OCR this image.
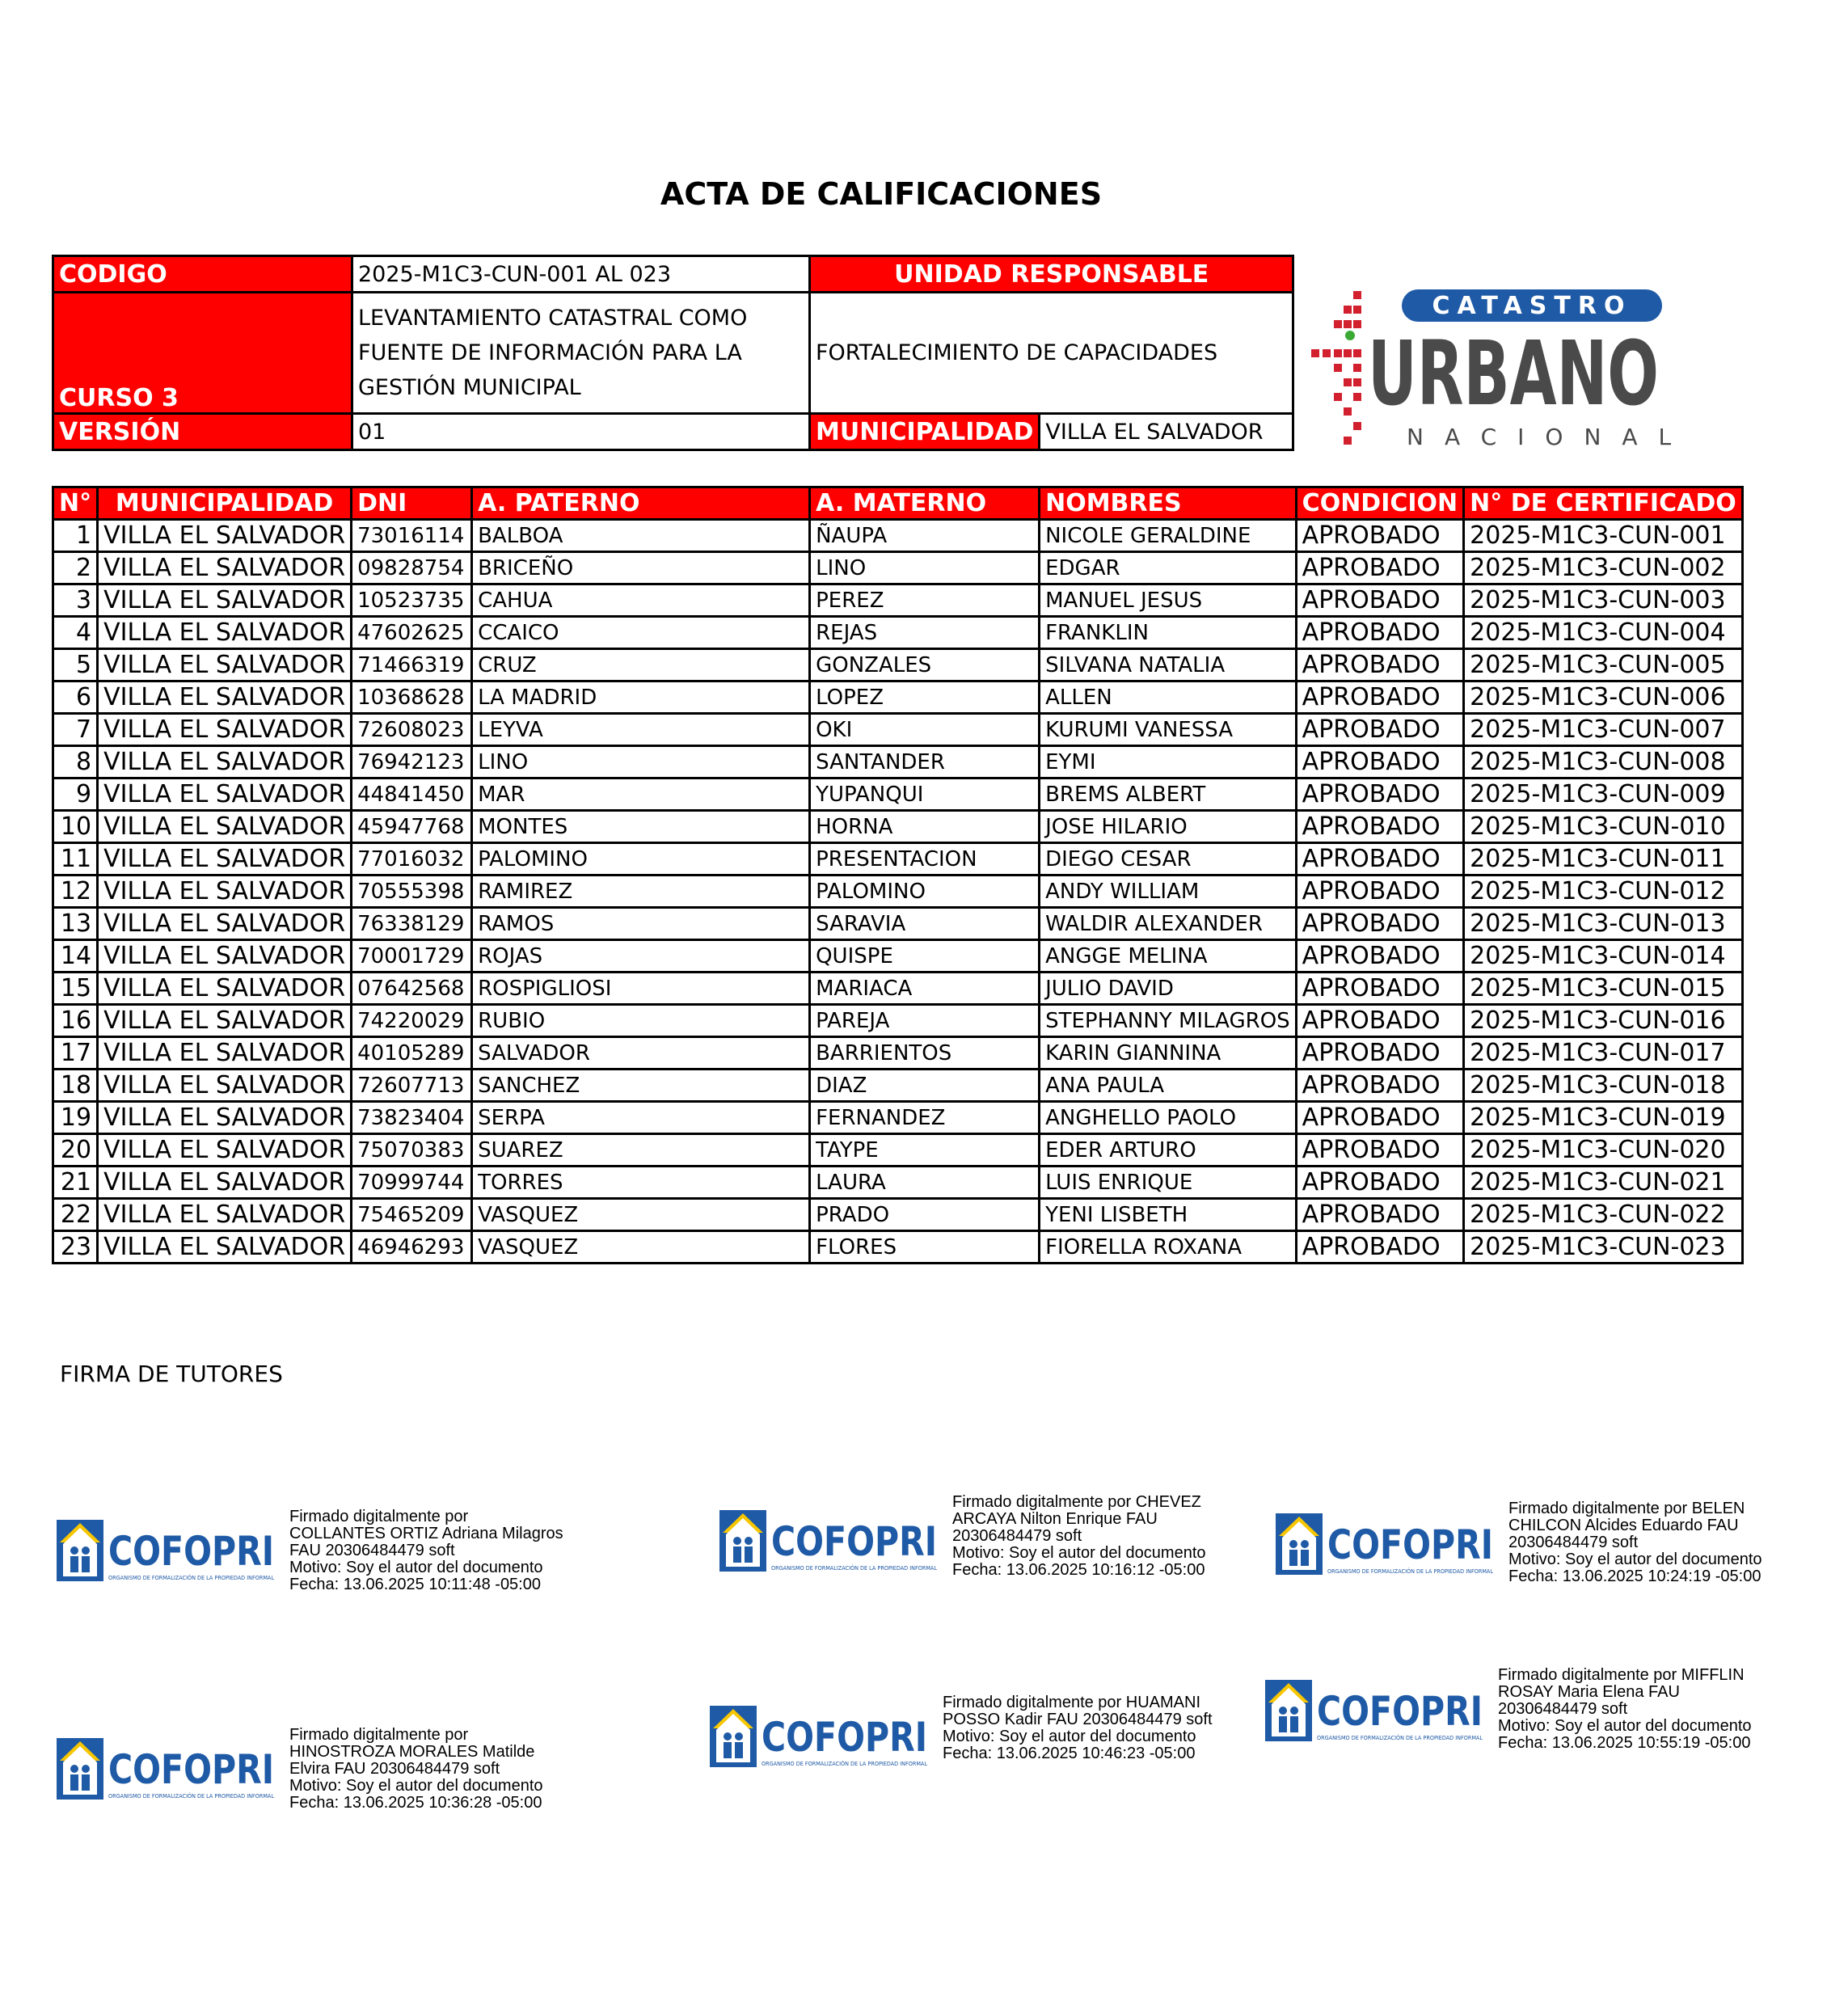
ACTA DE CALIFICACIONES
CODIGO	2025-M1C3-CUN-001 AL 023	UNIDAD RESPONSABLE	
CURSO 3	LEVANTAMIENTO CATASTRAL COMO FUENTE DE INFORMACIÓN PARA LA GESTIÓN MUNICIPAL	FORTALECIMIENTO DE CAPACIDADES	
VERSIÓN	01	MUNICIPALIDAD	VILLA EL SALVADOR
CATASTRO
URBANO
NACIONAL
N°	MUNICIPALIDAD	DNI	A. PATERNO	A. MATERNO	NOMBRES	CONDICION	N° DE CERTIFICADO
1	VILLA EL SALVADOR	73016114	BALBOA	ÑAUPA	NICOLE GERALDINE	APROBADO	2025-M1C3-CUN-001
2	VILLA EL SALVADOR	09828754	BRICEÑO	LINO	EDGAR	APROBADO	2025-M1C3-CUN-002
3	VILLA EL SALVADOR	10523735	CAHUA	PEREZ	MANUEL JESUS	APROBADO	2025-M1C3-CUN-003
4	VILLA EL SALVADOR	47602625	CCAICO	REJAS	FRANKLIN	APROBADO	2025-M1C3-CUN-004
5	VILLA EL SALVADOR	71466319	CRUZ	GONZALES	SILVANA NATALIA	APROBADO	2025-M1C3-CUN-005
6	VILLA EL SALVADOR	10368628	LA MADRID	LOPEZ	ALLEN	APROBADO	2025-M1C3-CUN-006
7	VILLA EL SALVADOR	72608023	LEYVA	OKI	KURUMI VANESSA	APROBADO	2025-M1C3-CUN-007
8	VILLA EL SALVADOR	76942123	LINO	SANTANDER	EYMI	APROBADO	2025-M1C3-CUN-008
9	VILLA EL SALVADOR	44841450	MAR	YUPANQUI	BREMS ALBERT	APROBADO	2025-M1C3-CUN-009
10	VILLA EL SALVADOR	45947768	MONTES	HORNA	JOSE HILARIO	APROBADO	2025-M1C3-CUN-010
11	VILLA EL SALVADOR	77016032	PALOMINO	PRESENTACION	DIEGO CESAR	APROBADO	2025-M1C3-CUN-011
12	VILLA EL SALVADOR	70555398	RAMIREZ	PALOMINO	ANDY WILLIAM	APROBADO	2025-M1C3-CUN-012
13	VILLA EL SALVADOR	76338129	RAMOS	SARAVIA	WALDIR ALEXANDER	APROBADO	2025-M1C3-CUN-013
14	VILLA EL SALVADOR	70001729	ROJAS	QUISPE	ANGGE MELINA	APROBADO	2025-M1C3-CUN-014
15	VILLA EL SALVADOR	07642568	ROSPIGLIOSI	MARIACA	JULIO DAVID	APROBADO	2025-M1C3-CUN-015
16	VILLA EL SALVADOR	74220029	RUBIO	PAREJA	STEPHANNY MILAGROS	APROBADO	2025-M1C3-CUN-016
17	VILLA EL SALVADOR	40105289	SALVADOR	BARRIENTOS	KARIN GIANNINA	APROBADO	2025-M1C3-CUN-017
18	VILLA EL SALVADOR	72607713	SANCHEZ	DIAZ	ANA PAULA	APROBADO	2025-M1C3-CUN-018
19	VILLA EL SALVADOR	73823404	SERPA	FERNANDEZ	ANGHELLO PAOLO	APROBADO	2025-M1C3-CUN-019
20	VILLA EL SALVADOR	75070383	SUAREZ	TAYPE	EDER ARTURO	APROBADO	2025-M1C3-CUN-020
21	VILLA EL SALVADOR	70999744	TORRES	LAURA	LUIS ENRIQUE	APROBADO	2025-M1C3-CUN-021
22	VILLA EL SALVADOR	75465209	VASQUEZ	PRADO	YENI LISBETH	APROBADO	2025-M1C3-CUN-022
23	VILLA EL SALVADOR	46946293	VASQUEZ	FLORES	FIORELLA ROXANA	APROBADO	2025-M1C3-CUN-023
FIRMA DE TUTORES
COFOPRI
ORGANISMO DE FORMALIZACIÓN DE LA PROPIEDAD INFORMAL
Firmado digitalmente por
COLLANTES ORTIZ Adriana Milagros
FAU 20306484479 soft
Motivo: Soy el autor del documento
Fecha: 13.06.2025 10:11:48 -05:00
COFOPRI
ORGANISMO DE FORMALIZACIÓN DE LA PROPIEDAD INFORMAL
Firmado digitalmente por CHEVEZ
ARCAYA Nilton Enrique FAU
20306484479 soft
Motivo: Soy el autor del documento
Fecha: 13.06.2025 10:16:12 -05:00
COFOPRI
ORGANISMO DE FORMALIZACIÓN DE LA PROPIEDAD INFORMAL
Firmado digitalmente por BELEN
CHILCON Alcides Eduardo FAU
20306484479 soft
Motivo: Soy el autor del documento
Fecha: 13.06.2025 10:24:19 -05:00
COFOPRI
ORGANISMO DE FORMALIZACIÓN DE LA PROPIEDAD INFORMAL
Firmado digitalmente por
HINOSTROZA MORALES Matilde
Elvira FAU 20306484479 soft
Motivo: Soy el autor del documento
Fecha: 13.06.2025 10:36:28 -05:00
COFOPRI
ORGANISMO DE FORMALIZACIÓN DE LA PROPIEDAD INFORMAL
Firmado digitalmente por HUAMANI
POSSO Kadir FAU 20306484479 soft
Motivo: Soy el autor del documento
Fecha: 13.06.2025 10:46:23 -05:00
COFOPRI
ORGANISMO DE FORMALIZACIÓN DE LA PROPIEDAD INFORMAL
Firmado digitalmente por MIFFLIN
ROSAY Maria Elena FAU
20306484479 soft
Motivo: Soy el autor del documento
Fecha: 13.06.2025 10:55:19 -05:00
